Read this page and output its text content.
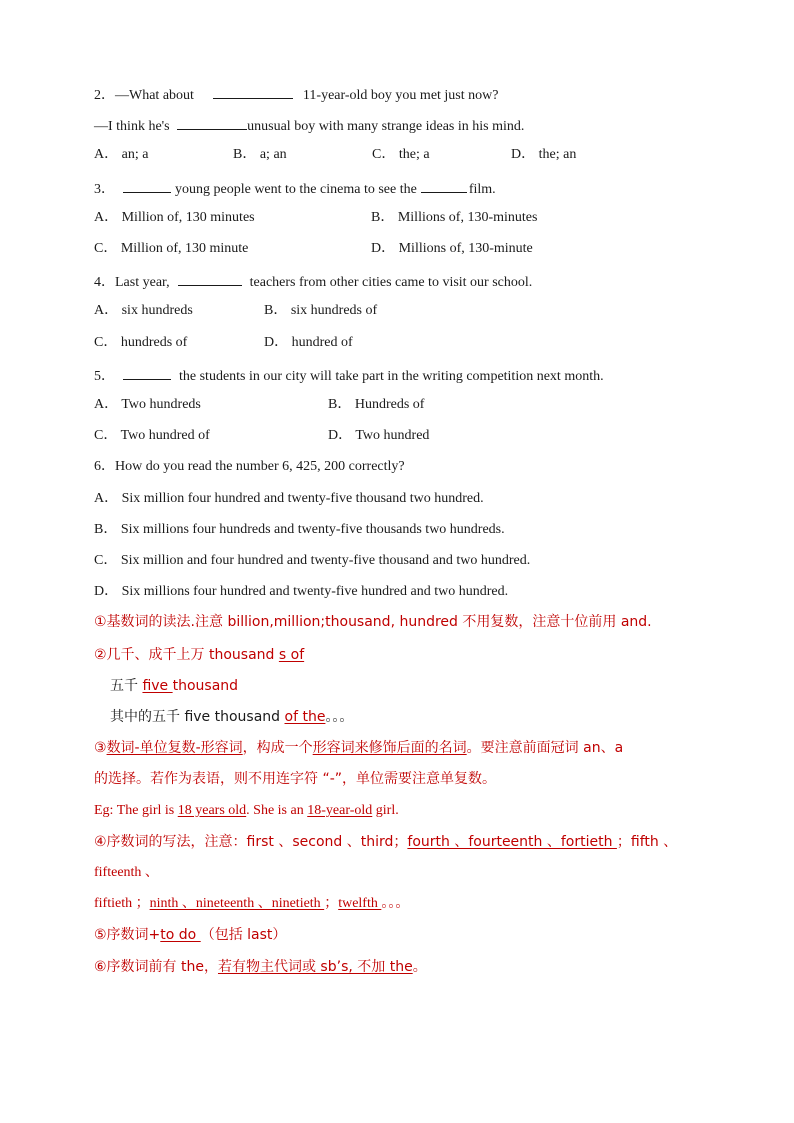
2．—What about	11-year-old boy you met just now?
—I think he's	unusual boy with many strange ideas in his mind.
A． an; a	B． a; an	C． the; a	D． the; an
3．	young people went to the cinema to see the	film.
A． Million of, 130 minutes	B． Millions of, 130-minutes
C． Million of, 130 minute	D． Millions of, 130-minute
4．Last year,	teachers from other cities came to visit our school.
A． six hundreds	B． six hundreds of
C． hundreds of	D． hundred of
5．	the students in our city will take part in the writing competition next month.
A． Two hundreds	B． Hundreds of
C． Two hundred of	D． Two hundred
6．How do you read the number 6, 425, 200 correctly?
A． Six million four hundred and twenty-five thousand two hundred.
B． Six millions four hundreds and twenty-five thousands two hundreds.
C． Six million and four hundred and twenty-five thousand and two hundred.
D． Six millions four hundred and twenty-five hundred and two hundred.
①基数词的读法.注意 billion,million;thousand, hundred 不用复数，注意十位前用 and.
②几千、成千上万 thousand s of
五千 five thousand
其中的五千 five thousand of the。。。
③数词-单位复数-形容词，构成一个形容词来修饰后面的名词。要注意前面冠词 an、a
的选择。若作为表语，则不用连字符 “-”，单位需要注意单复数。
Eg: The girl is 18 years old. She is an 18-year-old girl.
④序数词的写法，注意：first 、second 、third；fourth 、fourteenth 、fortieth ；fifth 、
fifteenth 、
fiftieth ；ninth 、nineteenth 、ninetieth ；twelfth 。。。
⑤序数词+to do （包括 last）
⑥序数词前有 the，若有物主代词或 sb’s, 不加 the。
